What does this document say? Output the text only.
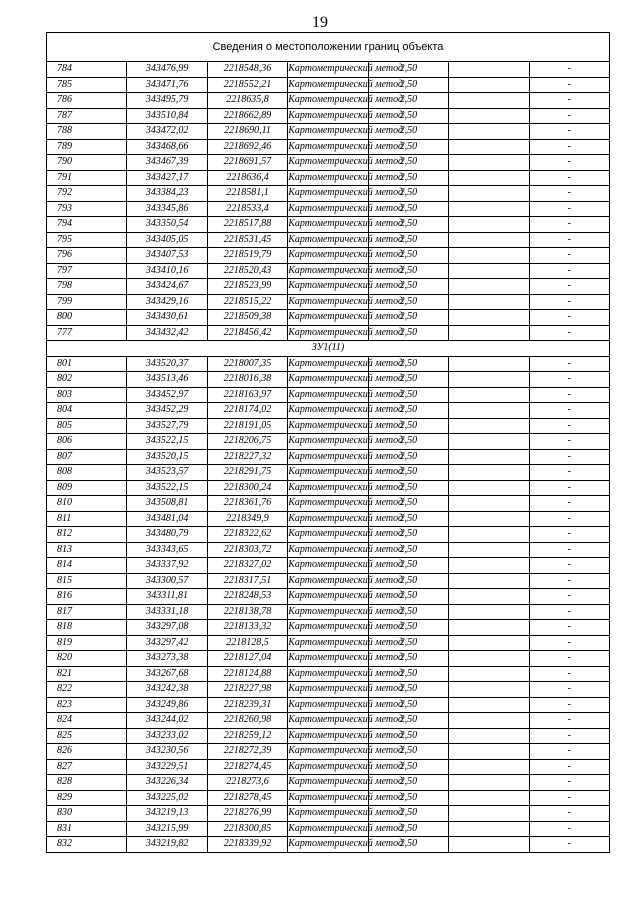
19
Сведения о местоположении границ объекта						
784	343476,99	2218548,36	Картометрический метод	2,50		-
785	343471,76	2218552,21	Картометрический метод	2,50		-
786	343495,79	2218635,8	Картометрический метод	2,50		-
787	343510,84	2218662,89	Картометрический метод	2,50		-
788	343472,02	2218690,11	Картометрический метод	2,50		-
789	343468,66	2218692,46	Картометрический метод	2,50		-
790	343467,39	2218691,57	Картометрический метод	2,50		-
791	343427,17	2218636,4	Картометрический метод	2,50		-
792	343384,23	2218581,1	Картометрический метод	2,50		-
793	343345,86	2218533,4	Картометрический метод	2,50		-
794	343350,54	2218517,88	Картометрический метод	2,50		-
795	343405,05	2218531,45	Картометрический метод	2,50		-
796	343407,53	2218519,79	Картометрический метод	2,50		-
797	343410,16	2218520,43	Картометрический метод	2,50		-
798	343424,67	2218523,99	Картометрический метод	2,50		-
799	343429,16	2218515,22	Картометрический метод	2,50		-
800	343430,61	2218509,38	Картометрический метод	2,50		-
777	343432,42	2218456,42	Картометрический метод	2,50		-
ЗУ1(11)						
801	343520,37	2218007,35	Картометрический метод	2,50		-
802	343513,46	2218016,38	Картометрический метод	2,50		-
803	343452,97	2218163,97	Картометрический метод	2,50		-
804	343452,29	2218174,02	Картометрический метод	2,50		-
805	343527,79	2218191,05	Картометрический метод	2,50		-
806	343522,15	2218206,75	Картометрический метод	2,50		-
807	343520,15	2218227,32	Картометрический метод	2,50		-
808	343523,57	2218291,75	Картометрический метод	2,50		-
809	343522,15	2218300,24	Картометрический метод	2,50		-
810	343508,81	2218361,76	Картометрический метод	2,50		-
811	343481,04	2218349,9	Картометрический метод	2,50		-
812	343480,79	2218322,62	Картометрический метод	2,50		-
813	343343,65	2218303,72	Картометрический метод	2,50		-
814	343337,92	2218327,02	Картометрический метод	2,50		-
815	343300,57	2218317,51	Картометрический метод	2,50		-
816	343311,81	2218248,53	Картометрический метод	2,50		-
817	343331,18	2218138,78	Картометрический метод	2,50		-
818	343297,08	2218133,32	Картометрический метод	2,50		-
819	343297,42	2218128,5	Картометрический метод	2,50		-
820	343273,38	2218127,04	Картометрический метод	2,50		-
821	343267,68	2218124,88	Картометрический метод	2,50		-
822	343242,38	2218227,98	Картометрический метод	2,50		-
823	343249,86	2218239,31	Картометрический метод	2,50		-
824	343244,02	2218260,98	Картометрический метод	2,50		-
825	343233,02	2218259,12	Картометрический метод	2,50		-
826	343230,56	2218272,39	Картометрический метод	2,50		-
827	343229,51	2218274,45	Картометрический метод	2,50		-
828	343226,34	2218273,6	Картометрический метод	2,50		-
829	343225,02	2218278,45	Картометрический метод	2,50		-
830	343219,13	2218276,99	Картометрический метод	2,50		-
831	343215,99	2218300,85	Картометрический метод	2,50		-
832	343219,82	2218339,92	Картометрический метод	2,50		-
